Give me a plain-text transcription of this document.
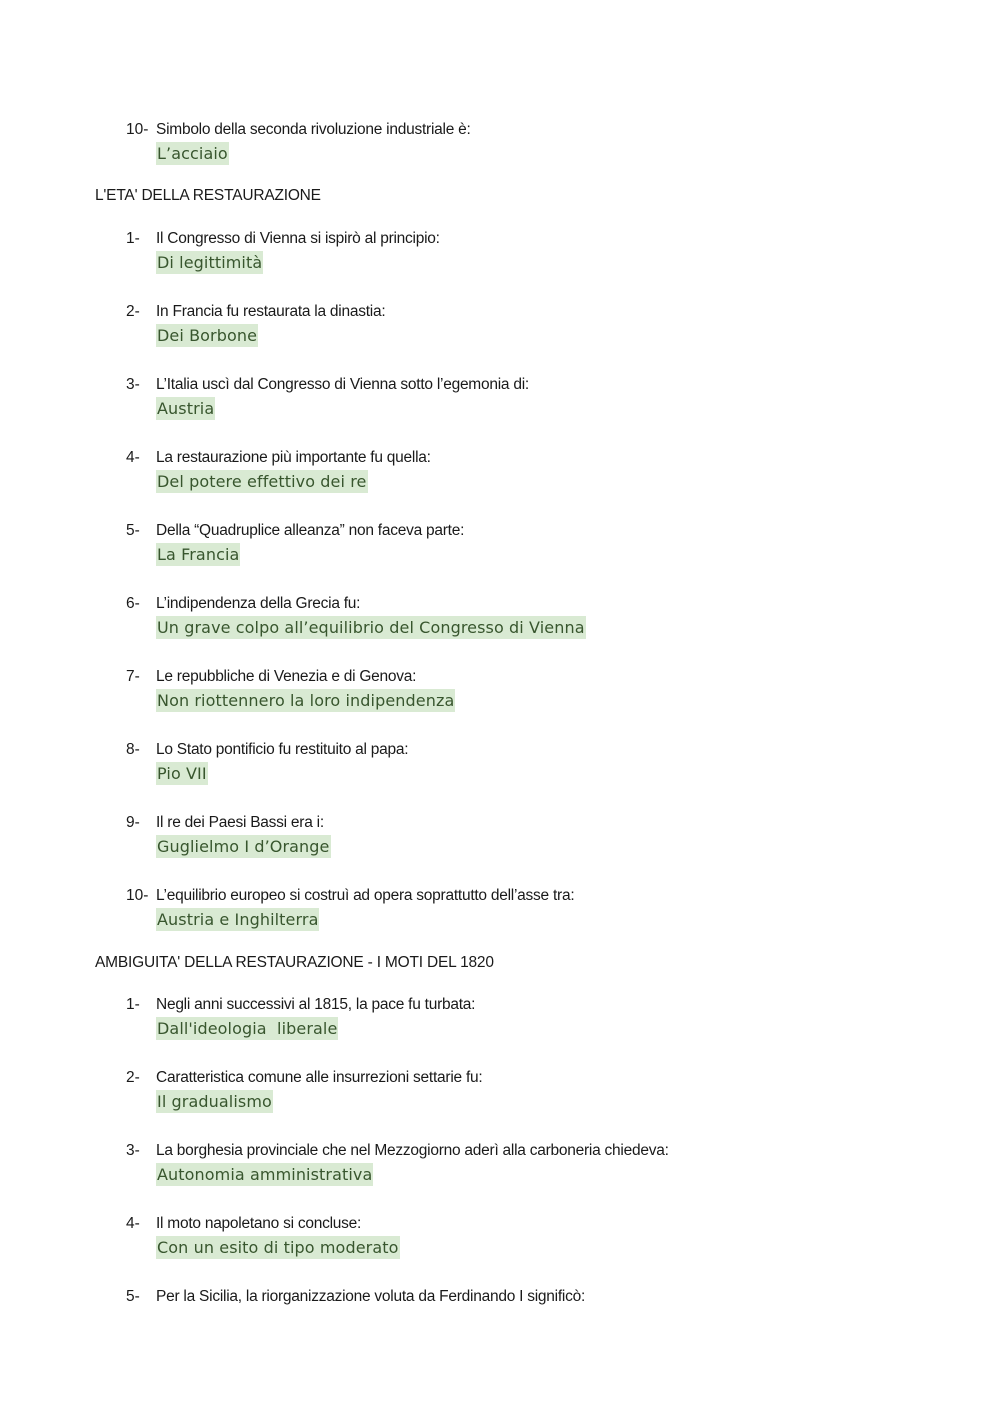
10- Simbolo della seconda rivoluzione industriale è:
L’acciaio
L'ETA' DELLA RESTAURAZIONE
1- Il Congresso di Vienna si ispirò al principio:
Di legittimità
2- In Francia fu restaurata la dinastia:
Dei Borbone
3- L’Italia uscì dal Congresso di Vienna sotto l’egemonia di:
Austria
4- La restaurazione più importante fu quella:
Del potere effettivo dei re
5- Della “Quadruplice alleanza” non faceva parte:
La Francia
6- L’indipendenza della Grecia fu:
Un grave colpo all’equilibrio del Congresso di Vienna
7- Le repubbliche di Venezia e di Genova:
Non riottennero la loro indipendenza
8- Lo Stato pontificio fu restituito al papa:
Pio VII
9- Il re dei Paesi Bassi era i:
Guglielmo I d’Orange
10- L’equilibrio europeo si costruì ad opera soprattutto dell’asse tra:
Austria e Inghilterra
AMBIGUITA' DELLA RESTAURAZIONE - I MOTI DEL 1820
1- Negli anni successivi al 1815, la pace fu turbata:
Dall'ideologia  liberale
2- Caratteristica comune alle insurrezioni settarie fu:
Il gradualismo
3- La borghesia provinciale che nel Mezzogiorno aderì alla carboneria chiedeva:
Autonomia amministrativa
4- Il moto napoletano si concluse:
Con un esito di tipo moderato
5- Per la Sicilia, la riorganizzazione voluta da Ferdinando I significò:
